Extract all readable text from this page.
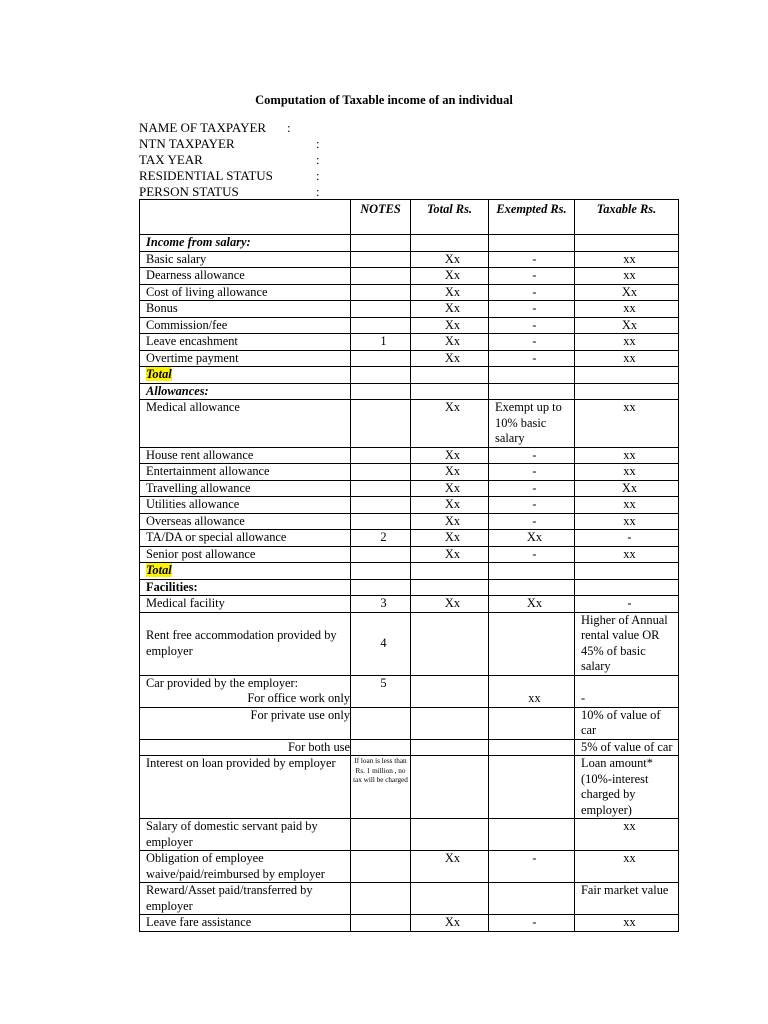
Computation of Taxable income of an individual
NAME OF TAXPAYER :
NTN TAXPAYER	:
TAX YEAR	:
RESIDENTIAL STATUS	:
PERSON STATUS	:
	NOTES	Total Rs.	Exempted Rs.	Taxable Rs.
Income from salary:				
Basic salary		Xx	-	xx
Dearness allowance		Xx	-	xx
Cost of living allowance		Xx	-	Xx
Bonus		Xx	-	xx
Commission/fee		Xx	-	Xx
Leave encashment	1	Xx	-	xx
Overtime payment		Xx	-	xx
Total				
Allowances:				
Medical allowance		Xx	Exempt up to 10% basic salary	xx
House rent allowance		Xx	-	xx
Entertainment allowance		Xx	-	xx
Travelling allowance		Xx	-	Xx
Utilities allowance		Xx	-	xx
Overseas allowance		Xx	-	xx
TA/DA or special allowance	2	Xx	Xx	-
Senior post allowance		Xx	-	xx
Total				
Facilities:				
Medical facility	3	Xx	Xx	-
Rent free accommodation provided by employer	4			Higher of Annual rental value OR 45% of basic salary
Car provided by the employer:	5			
For office work only			xx	-
For private use only				10% of value of car
For both use				5% of value of car
Interest on loan provided by employer	If loan is less than Rs. 1 million , no tax will be charged			Loan amount*(10%-interest charged by employer)
Salary of domestic servant paid by employer				xx
Obligation of employee waive/paid/reimbursed by employer		Xx	-	xx
Reward/Asset paid/transferred by employer				Fair market value
Leave fare assistance		Xx	-	xx
